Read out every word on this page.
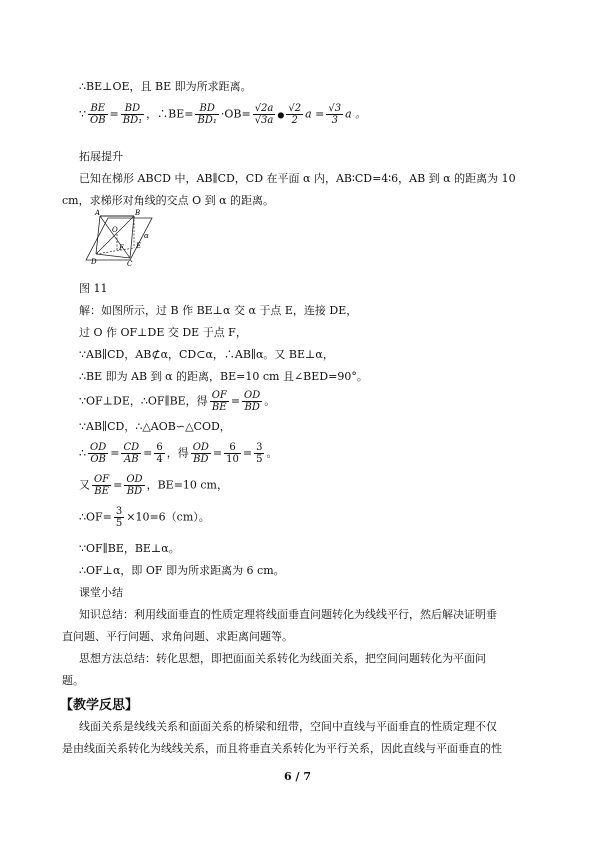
∴BE⊥OE，且 BE 即为所求距离。
∵ $\frac{BE}{OB} = \frac{BD}{\text{BD₁}}$ ，∴BE= $\frac{BD}{\text{BD₁}} \cdot OB= \frac{√2a}{√3a}$ ● $\frac{√2}{2}$ $a = \frac{√3}{3}$ a 。
拓展提升
已知在梯形 ABCD 中，AB∥CD，CD 在平面 α 内，AB∶CD=4∶6，AB 到 α 的距离为 10
cm，求梯形对角线的交点 O 到 α 的距离。
A	B
O
F
α
D
E
C
图 11
解：如图所示，过 B 作 BE⊥α 交 α 于点 E，连接 DE，
过 O 作 OF⊥DE 交 DE 于点 F，
∵AB∥CD，AB⊄α，CD⊂α，∴AB∥α。又 BE⊥α，
∴BE 即为 AB 到 α 的距离，BE=10 cm 且∠BED=90°。
∵OF⊥DE，∴OF∥BE，得 $\frac{OF}{BE} = \frac{OD}{BD}$ 。
∵AB∥CD，∴△AOB∽△COD，
∴ $\frac{OD}{OB} = \frac{CD}{AB} = \frac{6}{4}$ ，得 $\frac{OD}{BD} = \frac{6}{10} = \frac{3}{5}$ 。
又 $\frac{OF}{BE} = \frac{OD}{BD}$ ，BE=10 cm，
∴OF= $\frac{3}{5} \times 10=6(cm)$。
∵OF∥BE，BE⊥α。
∴OF⊥α，即 OF 即为所求距离为 6 cm。
课堂小结
知识总结：利用线面垂直的性质定理将线面垂直问题转化为线线平行，然后解决证明垂
直问题、平行问题、求角问题、求距离问题等。
思想方法总结：转化思想，即把面面关系转化为线面关系，把空间问题转化为平面问
题。
【教学反思】
线面关系是线线关系和面面关系的桥梁和纽带，空间中直线与平面垂直的性质定理不仅
是由线面关系转化为线线关系，而且将垂直关系转化为平行关系，因此直线与平面垂直的性
6 / 7
